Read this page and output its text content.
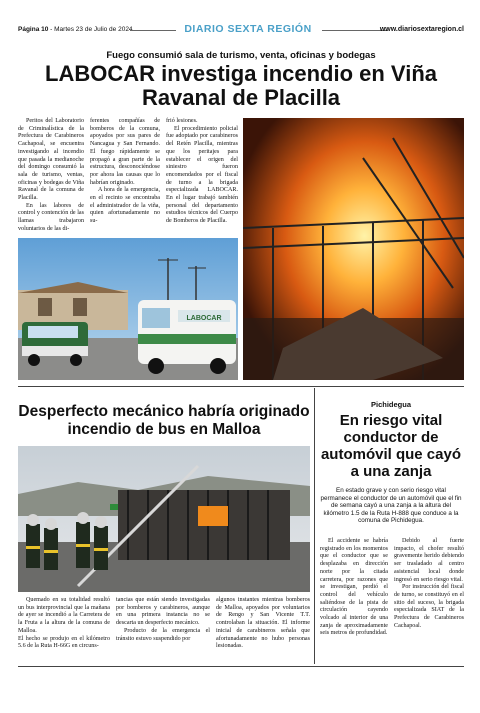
Página 10 - Martes 23 de Julio de 2024	DIARIO SEXTA REGIÓN	www.diariosextaregion.cl
Fuego consumió sala de turismo, venta, oficinas y bodegas
LABOCAR investiga incendio en Viña Ravanal de Placilla

Peritos del Laboratorio de Criminalística de la Prefectura de Carabineros Cachapoal, se encuentra investigando al incendio que pasada la medianoche del domingo consumió la sala de turismo, ventas, oficinas y bodegas de Viña Ravanal de la comuna de Placilla.

En las labores de control y contención de las llamas trabajaron voluntarios de las di-

ferentes compañías de bomberos de la comuna, apoyados por sus pares de Nancagua y San Fernando. El fuego rápidamente se propagó a gran parte de la estructura, desconociéndose por ahora las causas que lo habrían originado.

A hora de la emergencia, en el recinto se encontraba el administrador de la viña, quien afortunadamente no su-

frió lesiones.

El procedimiento policial fue adoptado por carabineros del Retén Placilla, mientras que los peritajes para establecer el origen del siniestro fueron encomendados por el fiscal de turno a la brigada especializada LABOCAR. En el lugar trabajó también personal del departamento estudios técnicos del Cuerpo de Bomberos de Placilla.

LABOCAR
Desperfecto mecánico habría originado incendio de bus en Malloa

Quemado en su totalidad resultó un bus interprovincial que la mañana de ayer se incendió a la Carretera de la Fruta a la altura de la comuna de Malloa.

El hecho se produjo en el kilómetro 5.6 de la Ruta H-66G en circuns-

tancias que están siendo investigadas por bomberos y carabineros, aunque en una primera instancia no se descarta un desperfecto mecánico.

Producto de la emergencia el tránsito estuvo suspendido por

algunos instantes mientras bomberos de Malloa, apoyados por voluntarios de Rengo y San Vicente T.T. controlaban la situación. El informe inicial de carabineros señala que afortunadamente no hubo personas lesionadas.

Pichidegua
En riesgo vital conductor de automóvil que cayó a una zanja
En estado grave y con serio riesgo vital permanece el conductor de un automóvil que el fin de semana cayó a una zanja a la altura del kilómetro 1.5 de la Ruta H-888 que conduce a la comuna de Pichidegua.

El accidente se habría registrado en los momentos que el conductor que se desplazaba en dirección norte por la citada carretera, por razones que se investigan, perdió el control del vehículo saliéndose de la pista de circulación cayendo volcado al interior de una zanja de aproximadamente seis metros de profundidad.

Debido al fuerte impacto, el chofer resultó gravemente herido debiendo ser trasladado al centro asistencial local donde ingresó en serio riesgo vital.

Por instrucción del fiscal de turno, se constituyó en el sitio del suceso, la brigada especializada SIAT de la Prefectura de Carabineros Cachapoal.
